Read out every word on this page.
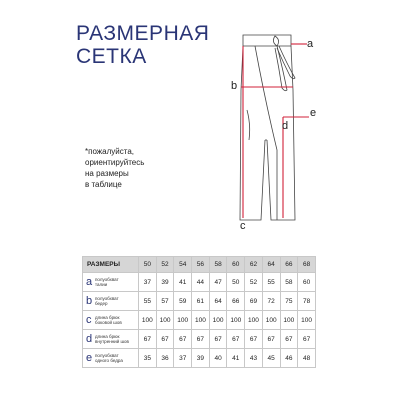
РАЗМЕРНАЯ
СЕТКА
*пожалуйста,
ориентируйтесь
на размеры
в таблице
a
b
e
d
c
РАЗМЕРЫ	50	52	54	56	58	60	62	64	66	68
a полуобхват
талии	37	39	41	44	47	50	52	55	58	60
b полуобхват
бедер	55	57	59	61	64	66	69	72	75	78
c длина брюк
боковой шов	100	100	100	100	100	100	100	100	100	100
d длина брюк
внутренний шов	67	67	67	67	67	67	67	67	67	67
e полуобхват
одного бедра	35	36	37	39	40	41	43	45	46	48
